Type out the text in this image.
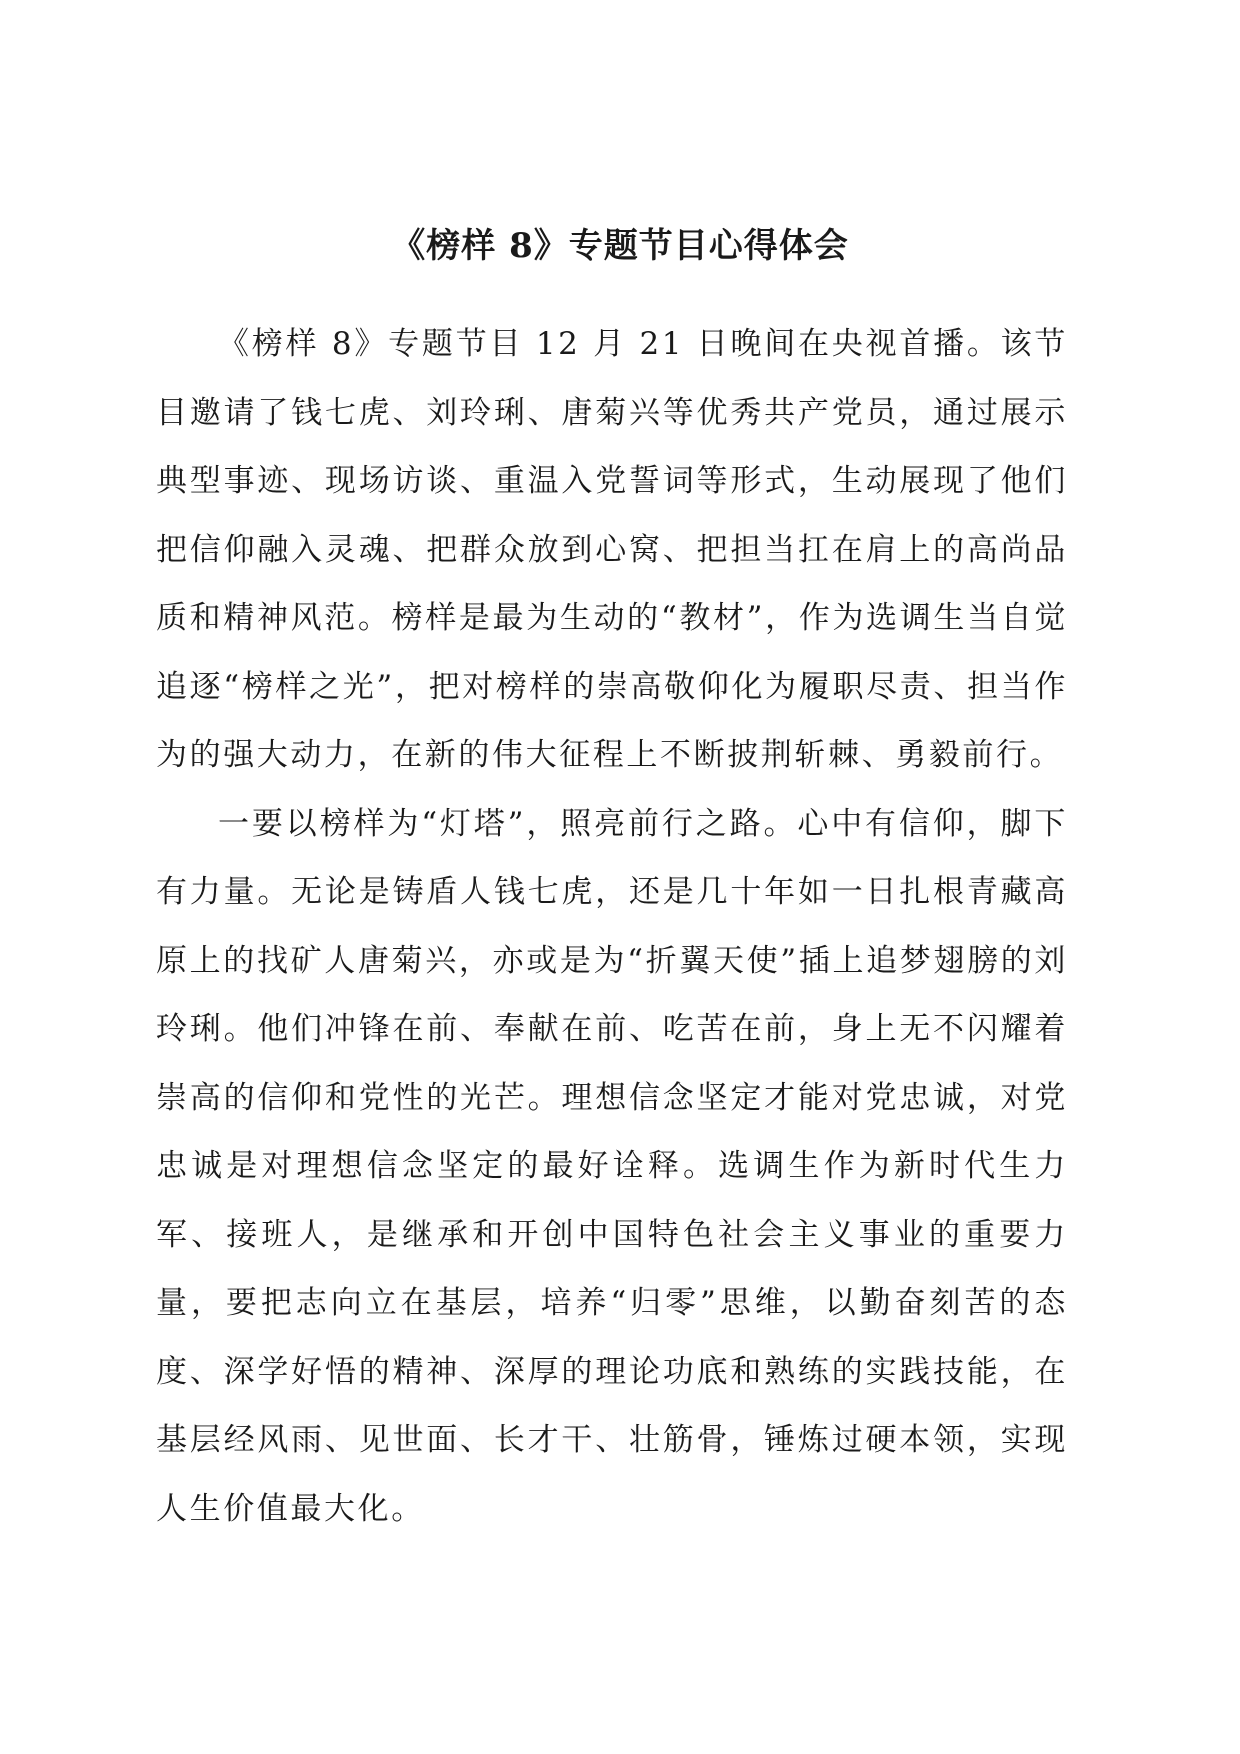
《榜样 8》专题节目心得体会

《榜样 8》专题节目 12 月 21 日晚间在央视首播。该节目邀请了钱七虎、刘玲琍、唐菊兴等优秀共产党员，通过展示典型事迹、现场访谈、重温入党誓词等形式，生动展现了他们把信仰融入灵魂、把群众放到心窝、把担当扛在肩上的高尚品质和精神风范。榜样是最为生动的“教材”，作为选调生当自觉追逐“榜样之光”，把对榜样的崇高敬仰化为履职尽责、担当作为的强大动力，在新的伟大征程上不断披荆斩棘、勇毅前行。

一要以榜样为“灯塔”，照亮前行之路。心中有信仰，脚下有力量。无论是铸盾人钱七虎，还是几十年如一日扎根青藏高原上的找矿人唐菊兴，亦或是为“折翼天使”插上追梦翅膀的刘玲琍。他们冲锋在前、奉献在前、吃苦在前，身上无不闪耀着崇高的信仰和党性的光芒。理想信念坚定才能对党忠诚，对党忠诚是对理想信念坚定的最好诠释。选调生作为新时代生力军、接班人，是继承和开创中国特色社会主义事业的重要力量，要把志向立在基层，培养“归零”思维，以勤奋刻苦的态度、深学好悟的精神、深厚的理论功底和熟练的实践技能，在基层经风雨、见世面、长才干、壮筋骨，锤炼过硬本领，实现人生价值最大化。
